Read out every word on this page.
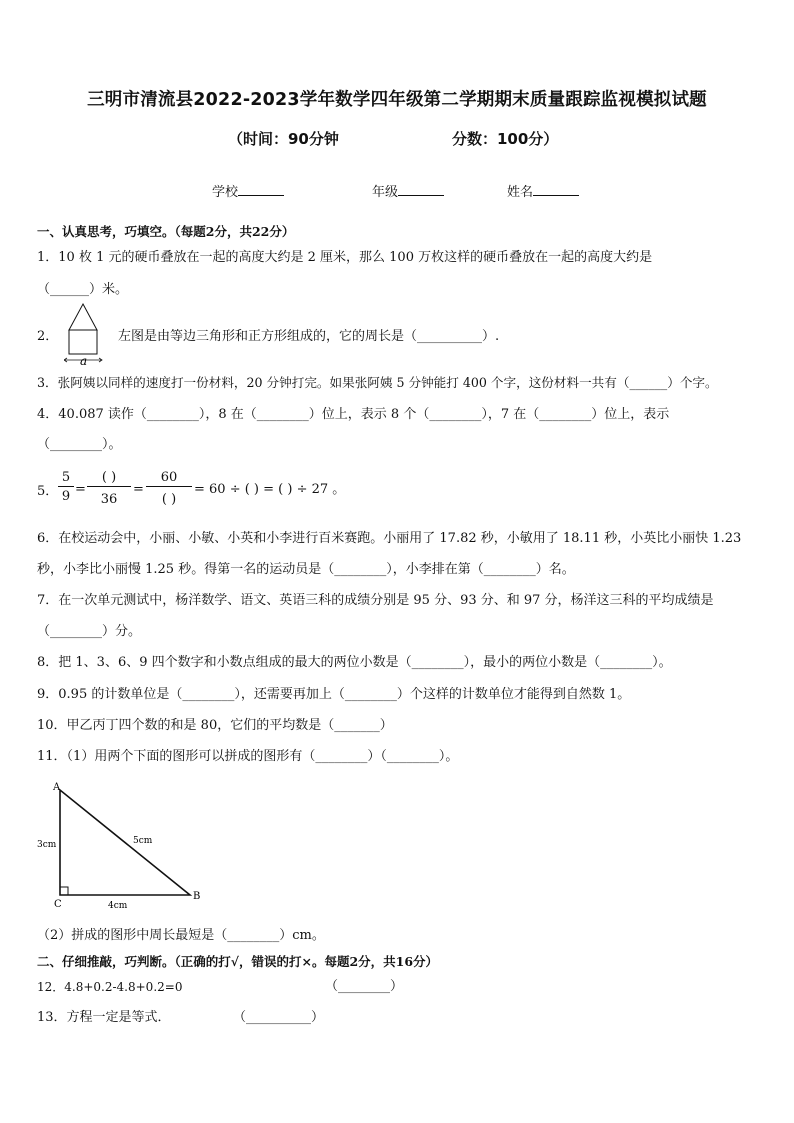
三明市清流县2022-2023学年数学四年级第二学期期末质量跟踪监视模拟试题
（时间：90分钟	分数：100分）
学校	年级	姓名
一、认真思考，巧填空。（每题2分，共22分）
1．10 枚 1 元的硬币叠放在一起的高度大约是 2 厘米，那么 100 万枚这样的硬币叠放在一起的高度大约是
（______）米。
2．
a
左图是由等边三角形和正方形组成的，它的周长是（__________）.
3．张阿姨以同样的速度打一份材料，20 分钟打完。如果张阿姨 5 分钟能打 400 个字，这份材料一共有（______）个字。
4．40.087 读作（________），8 在（________）位上，表示 8 个（________），7 在（________）位上，表示
（________）。
5．
5
9 =
( )
36
=
60
( )
= 60 ÷ ( ) = ( ) ÷ 27 。
6．在校运动会中，小丽、小敏、小英和小李进行百米赛跑。小丽用了 17.82 秒，小敏用了 18.11 秒，小英比小丽快 1.23
秒，小李比小丽慢 1.25 秒。得第一名的运动员是（________），小李排在第（________）名。
7．在一次单元测试中，杨洋数学、语文、英语三科的成绩分别是 95 分、93 分、和 97 分，杨洋这三科的平均成绩是
（________）分。
8．把 1、3、6、9 四个数字和小数点组成的最大的两位小数是（________），最小的两位小数是（________）。
9．0.95 的计数单位是（________），还需要再加上（________）个这样的计数单位才能得到自然数 1。
10．甲乙丙丁四个数的和是 80，它们的平均数是（_______）
11．（1）用两个下面的图形可以拼成的图形有（________）（________）。
A
B
C
3cm	5cm
4cm
（2）拼成的图形中周长最短是（________）cm。
二、仔细推敲，巧判断。（正确的打√，错误的打×。每题2分，共16分）
12．4.8+0.2-4.8+0.2=0	（________）
13．方程一定是等式．	（__________）
